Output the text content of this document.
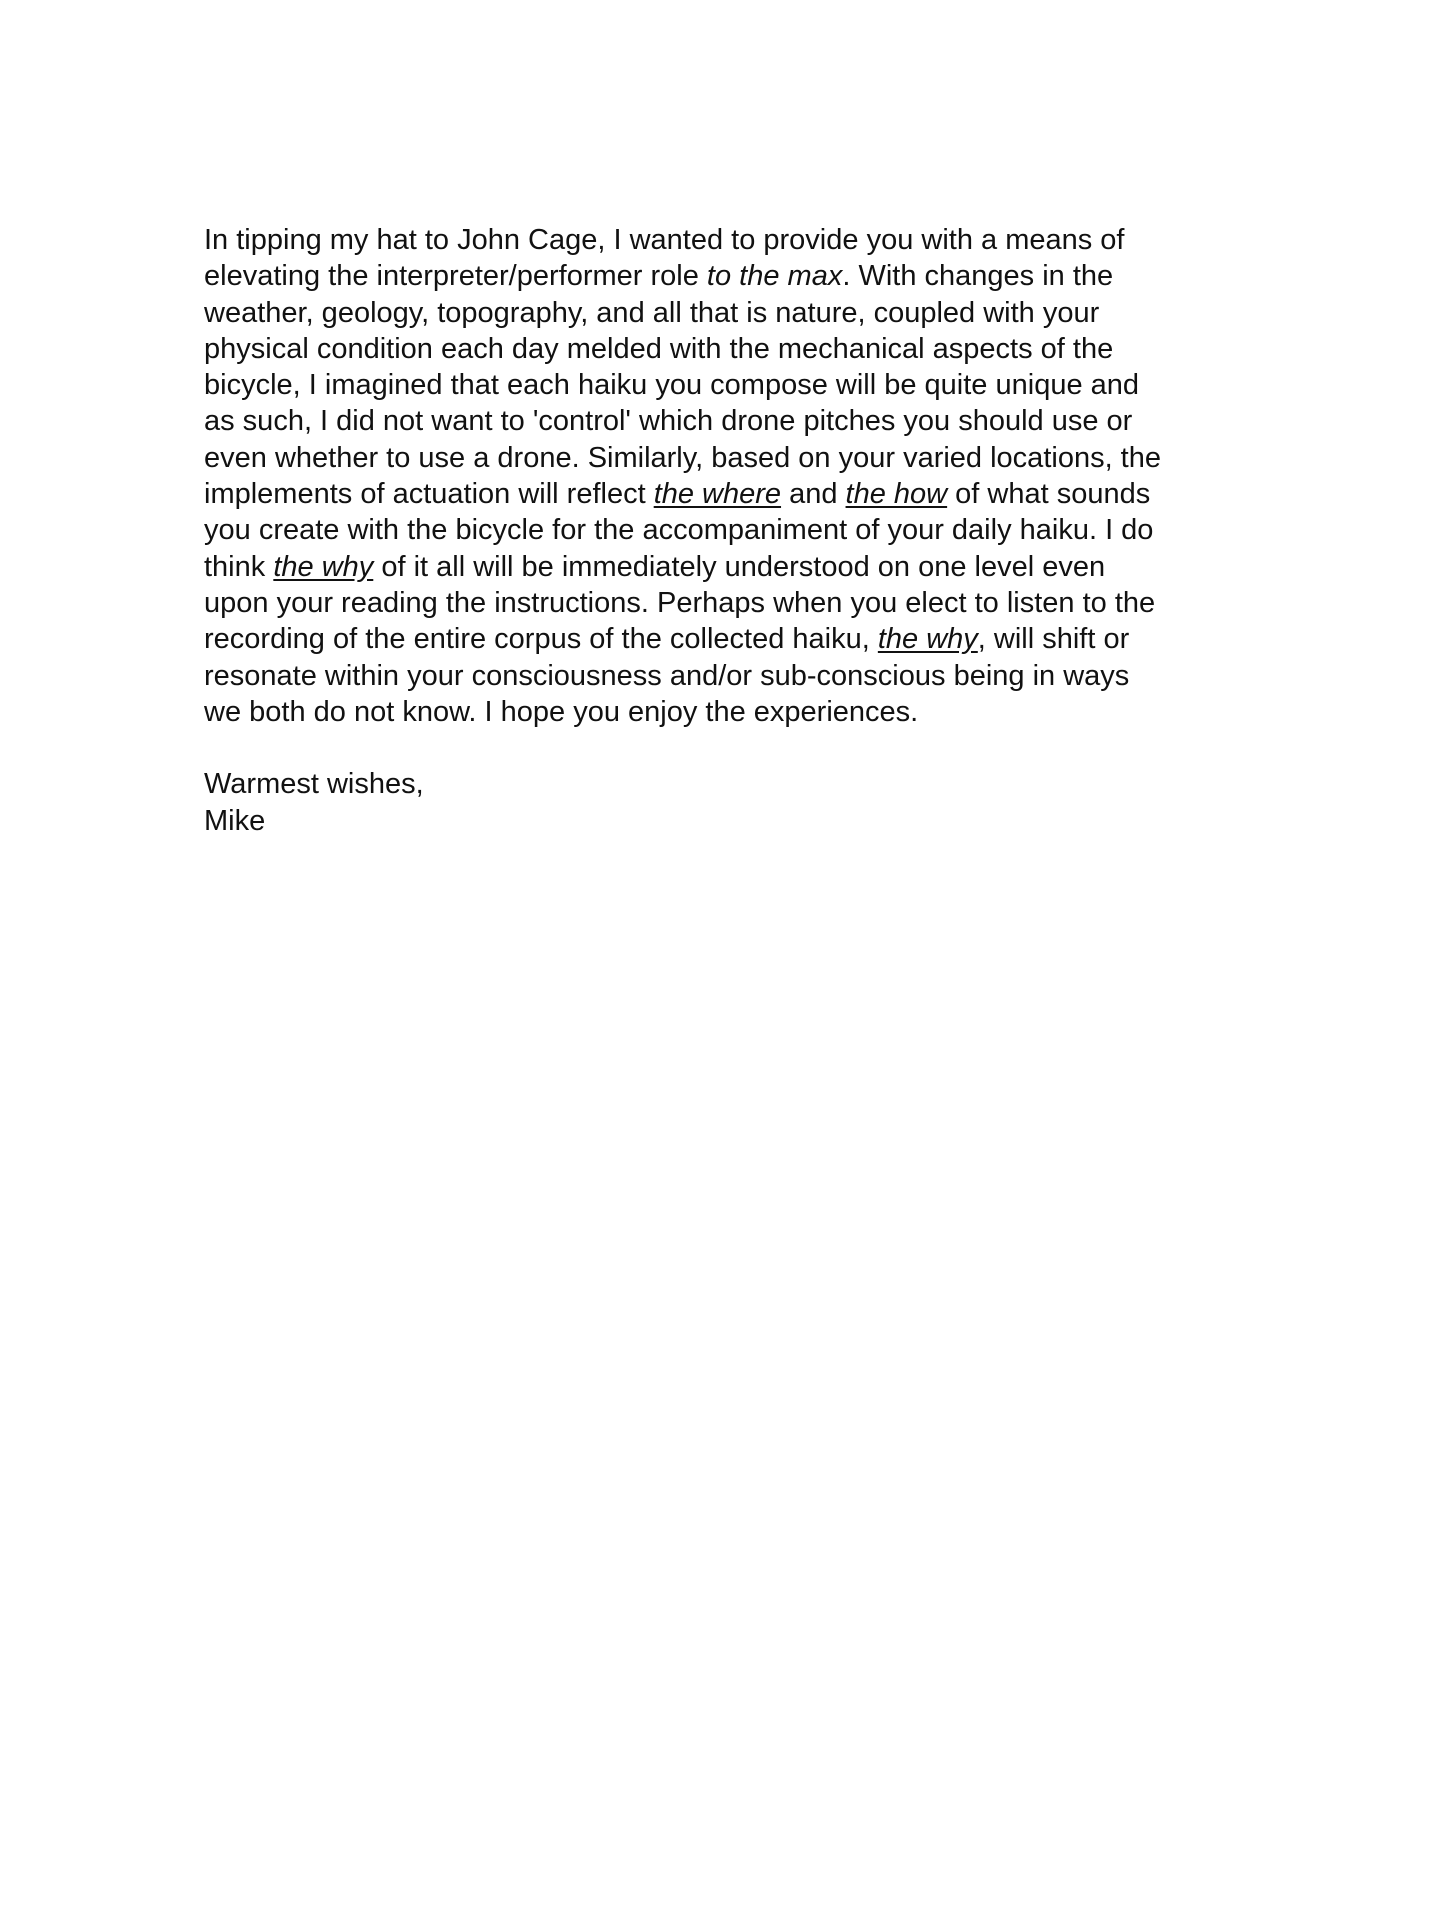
In tipping my hat to John Cage, I wanted to provide you with a means of
elevating the interpreter/performer role to the max. With changes in the
weather, geology, topography, and all that is nature, coupled with your
physical condition each day melded with the mechanical aspects of the
bicycle, I imagined that each haiku you compose will be quite unique and
as such, I did not want to 'control' which drone pitches you should use or
even whether to use a drone. Similarly, based on your varied locations, the
implements of actuation will reflect the where and the how of what sounds
you create with the bicycle for the accompaniment of your daily haiku. I do
think the why of it all will be immediately understood on one level even
upon your reading the instructions. Perhaps when you elect to listen to the
recording of the entire corpus of the collected haiku, the why, will shift or
resonate within your consciousness and/or sub-conscious being in ways
we both do not know. I hope you enjoy the experiences.
Warmest wishes,
Mike
